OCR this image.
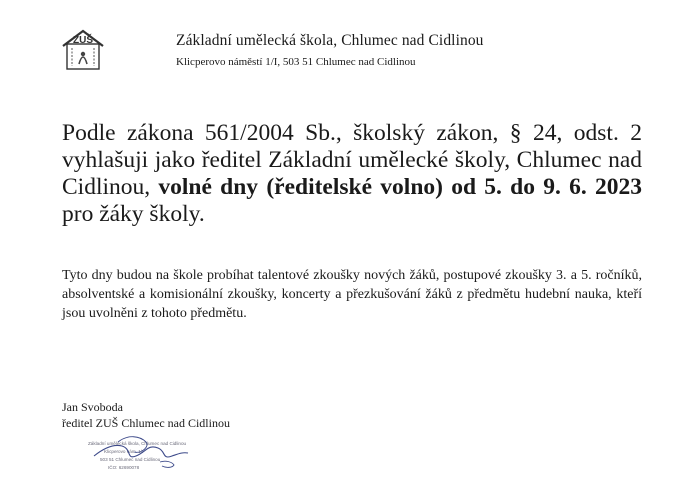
ZUŠ	Základní umělecká škola, Chlumec nad Cidlinou
Klicperovo náměstí 1/I, 503 51 Chlumec nad Cidlinou

Podle zákona 561/2004 Sb., školský zákon, § 24, odst. 2 vyhlašuji jako ředitel Základní umělecké školy, Chlumec nad Cidlinou, volné dny (ředitelské volno) od 5. do 9. 6. 2023 pro žáky školy.

Tyto dny budou na škole probíhat talentové zkoušky nových žáků, postupové zkoušky 3. a 5. ročníků, absolventské a komisionální zkoušky, koncerty a přezkušování žáků z předmětu hudební nauka, kteří jsou uvolněni z tohoto předmětu.

Jan Svoboda
ředitel ZUŠ Chlumec nad Cidlinou
Základní umělecká škola, Chlumec nad Cidlinou
Klicperovo nám. 1/I
503 51 Chlumec nad Cidlinou
IČO: 62690078
